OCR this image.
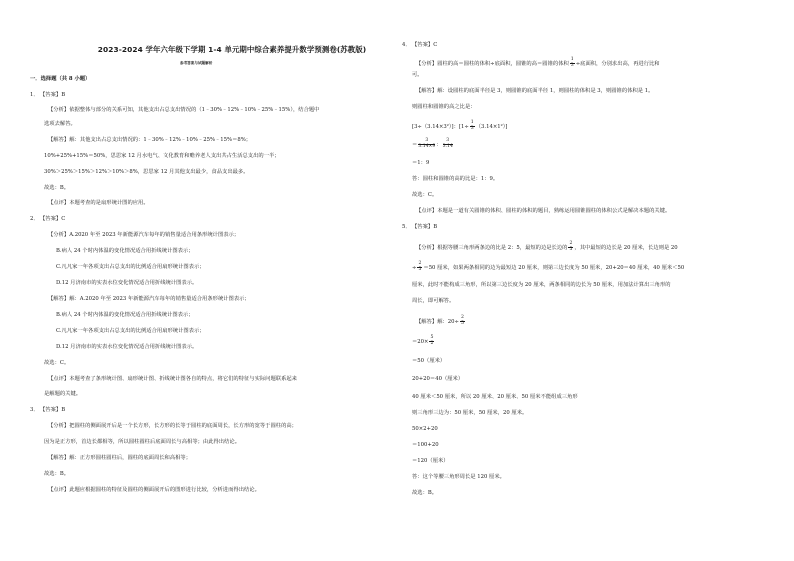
2023-2024 学年六年级下学期 1-4 单元期中综合素养提升数学预测卷(苏教版)
参考答案与试题解析
一．选择题（共 8 小题）
1． 【答案】B
【分析】依据整体与部分的关系可知，其他支出占总支出情况的（1﹣30%﹣12%﹣10%﹣25%﹣15%），结合题中
选项去解答。
【解答】解：其他支出占总支出情况的：1﹣30%﹣12%﹣10%﹣25%﹣15%＝8%；
10%+25%+15%＝50%，思思家 12 月水电气、文化教育和赡养老人支出共占生活总支出的一半；
30%＞25%＞15%＞12%＞10%＞8%，思思家 12 月其他支出最少，食品支出最多。
故选：B。
【点评】本题考查的是扇形统计图的应用。
2． 【答案】C
【分析】A.2020 年至 2023 年新能源汽车每年的销售量适合用条形统计图表示；
B.病人 24 个时内体温的变化情况适合用折线统计图表示；
C.凡凡家一年各项支出占总支出的比例适合用扇形统计图表示；
D.12 月济南市的实表水位变化情况适合用折线统计图表示。
【解答】解：A.2020 年至 2023 年新能源汽车每年的销售量适合用条形统计图表示；
B.病人 24 个时内体温的变化情况适合用折线统计图表示；
C.凡凡家一年各项支出占总支出的比例适合用扇形统计图表示；
D.12 月济南市的实表水位变化情况适合用折线统计图表示。
故选：C。
【点评】本题考查了条形统计图、扇形统计图、折线统计图各自的特点，将它们的特征与实际问题联系起来
是解题的关键。
3． 【答案】B
【分析】把圆柱的侧面展开后是一个长方形，长方形的长等于圆柱的底面周长，长方形的宽等于圆柱的高；
因为是正方形，首边长都相等，所以圆柱圆柱后底面周长与高相等；由此得出结论。
【解答】解：正方形圆柱圆柱后，圆柱的底面周长和高相等；
故选：B。
【点评】此题应根据圆柱的特征及圆柱的侧面展开后的图形进行比较，分析进而得出结论。
4． 【答案】C
【分析】圆柱的高＝圆柱的体积÷底面积，圆锥的高＝圆锥的体积 $\frac{1}{3}$ ÷底面积，分别求出高，再进行比和
可。
【解答】解：设圆柱的底面半径是 3，则圆锥的底面半径 1，则圆柱的体积是 3，则圆锥的体积是 1。
则圆柱和圆锥的高之比是：
[3÷（3.14×3²）]：$[1\div \frac{1}{3} (3.14\times 1^2)]$
＝ $\frac{3}{3.14\times 9}$ ： $\frac{3}{3.14}$
＝1：9
答：圆柱和圆锥的高的比是：1：9。
故选：C。
【点评】本题是一道有关圆锥的体积、圆柱的体积的题目，熟练运用圆锥圆柱的体积公式是解决本题的关键。
5． 【答案】B
【分析】根据等腰三角形两条边的比是 2：5，最短的边是长边的 $\frac{2}{5}$ ，其中最短的边长是 20 厘米，长边则是 20
÷ $\frac{2}{5} =50$ 厘米，如果两条相同的边为最短边 20 厘米，则第三边长度为 50 厘米，20+20＝40 厘米，40 厘米＜50
厘米，此时不能构成三角形，所以第三边长度为 20 厘米，两条相同的边长为 50 厘米，用加法计算出三角形的
周长，即可解答。
【解答】解：$20\div \frac{2}{5}$
$=20\times \frac{5}{2}$
＝50（厘米）
20+20＝40（厘米）
40 厘米＜50 厘米，所以 20 厘米、20 厘米、50 厘米不能组成三角形
则三角形三边为：50 厘米，50 厘米，20 厘米。
50×2+20
＝100+20
＝120（厘米）
答：这个等腰三角形周长是 120 厘米。
故选：B。
